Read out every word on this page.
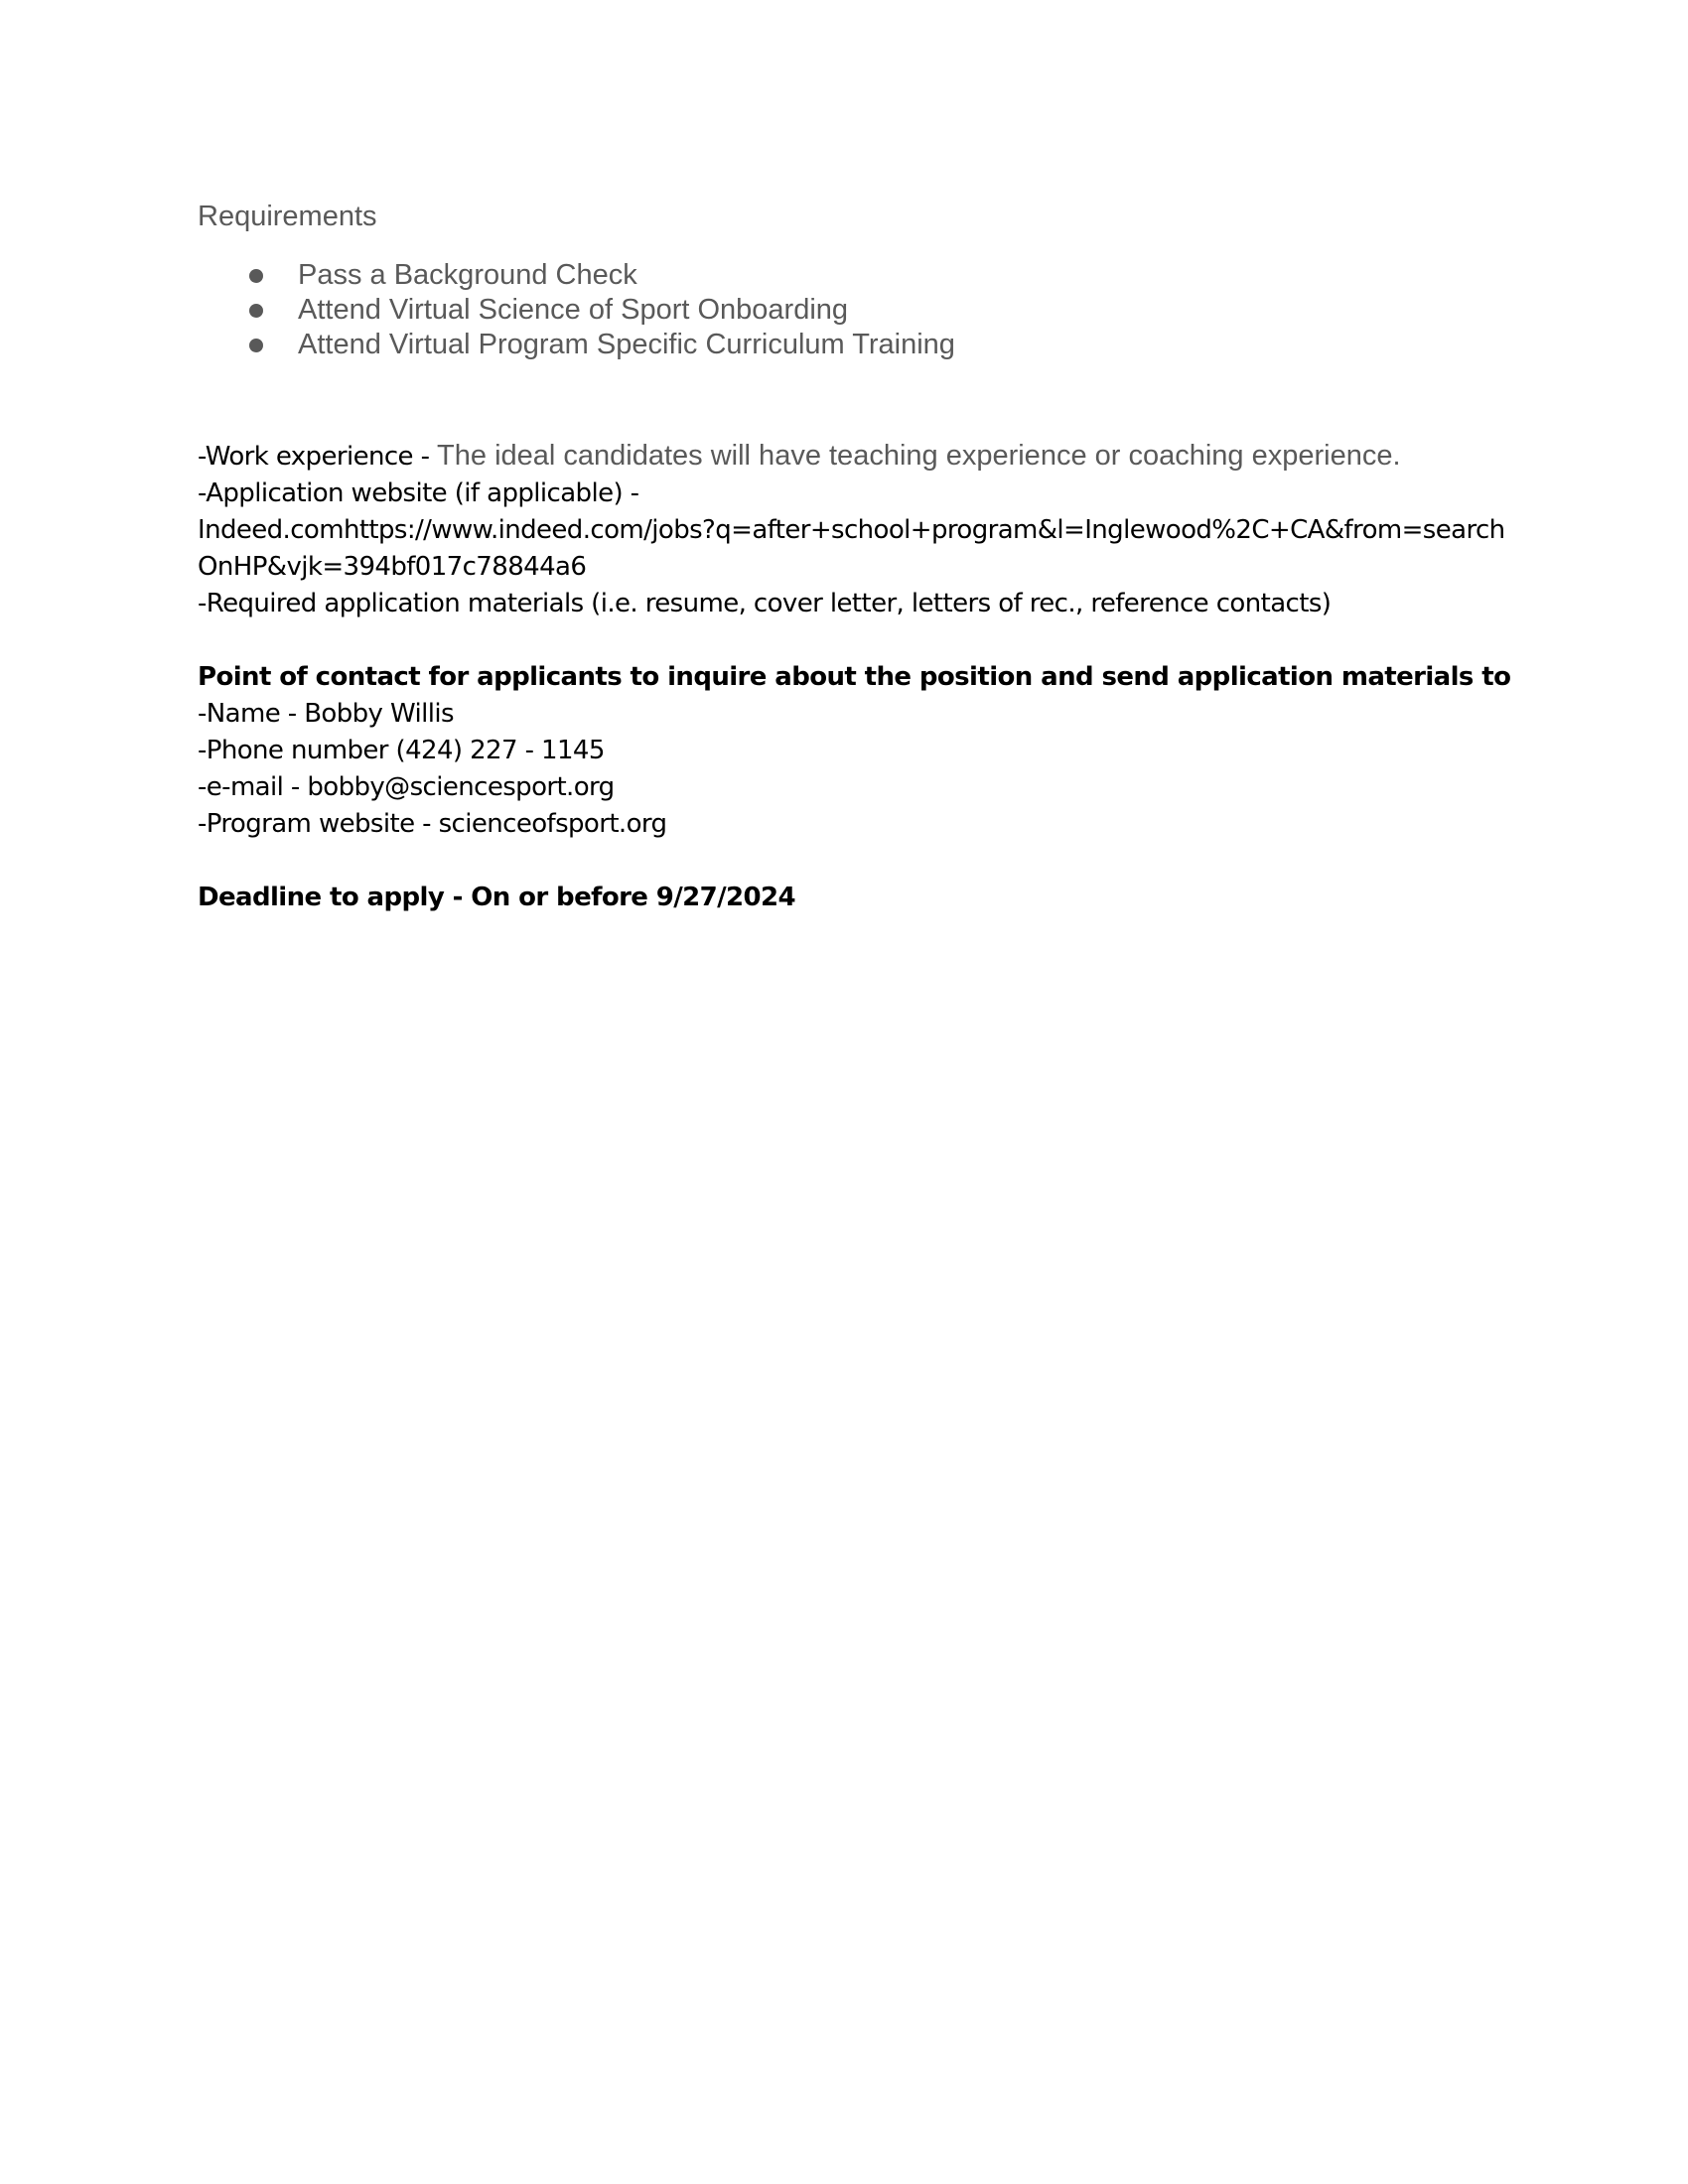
Requirements
Pass a Background Check
Attend Virtual Science of Sport Onboarding
Attend Virtual Program Specific Curriculum Training
-Work experience - The ideal candidates will have teaching experience or coaching experience.
-Application website (if applicable) -
Indeed.comhttps://www.indeed.com/jobs?q=after+school+program&l=Inglewood%2C+CA&from=search
OnHP&vjk=394bf017c78844a6
-Required application materials (i.e. resume, cover letter, letters of rec., reference contacts)
Point of contact for applicants to inquire about the position and send application materials to
-Name - Bobby Willis
-Phone number (424) 227 - 1145
-e-mail - bobby@sciencesport.org
-Program website - scienceofsport.org
Deadline to apply - On or before 9/27/2024
